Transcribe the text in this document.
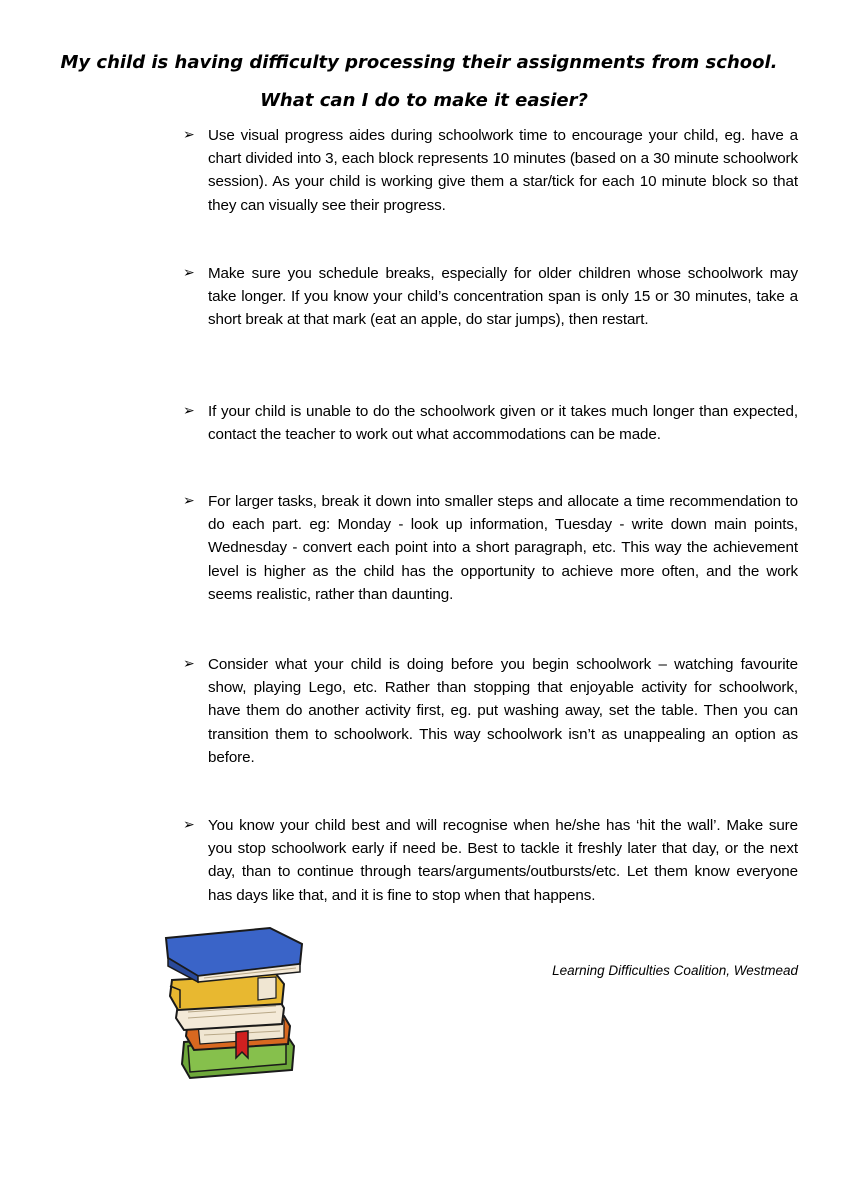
My child is having difficulty processing their assignments from school.
What can I do to make it easier?
➢ Use visual progress aides during schoolwork time to encourage your child, eg. have a chart divided into 3, each block represents 10 minutes (based on a 30 minute schoolwork session). As your child is working give them a star/tick for each 10 minute block so that they can visually see their progress.
➢ Make sure you schedule breaks, especially for older children whose schoolwork may take longer. If you know your child’s concentration span is only 15 or 30 minutes, take a short break at that mark (eat an apple, do star jumps), then restart.
➢ If your child is unable to do the schoolwork given or it takes much longer than expected, contact the teacher to work out what accommodations can be made.
➢ For larger tasks, break it down into smaller steps and allocate a time recommendation to do each part. eg: Monday - look up information, Tuesday - write down main points, Wednesday - convert each point into a short paragraph, etc. This way the achievement level is higher as the child has the opportunity to achieve more often, and the work seems realistic, rather than daunting.
➢ Consider what your child is doing before you begin schoolwork – watching favourite show, playing Lego, etc. Rather than stopping that enjoyable activity for schoolwork, have them do another activity first, eg. put washing away, set the table. Then you can transition them to schoolwork. This way schoolwork isn’t as unappealing an option as before.
➢ You know your child best and will recognise when he/she has ‘hit the wall’. Make sure you stop schoolwork early if need be. Best to tackle it freshly later that day, or the next day, than to continue through tears/arguments/outbursts/etc. Let them know everyone has days like that, and it is fine to stop when that happens.
Learning Difficulties Coalition, Westmead
